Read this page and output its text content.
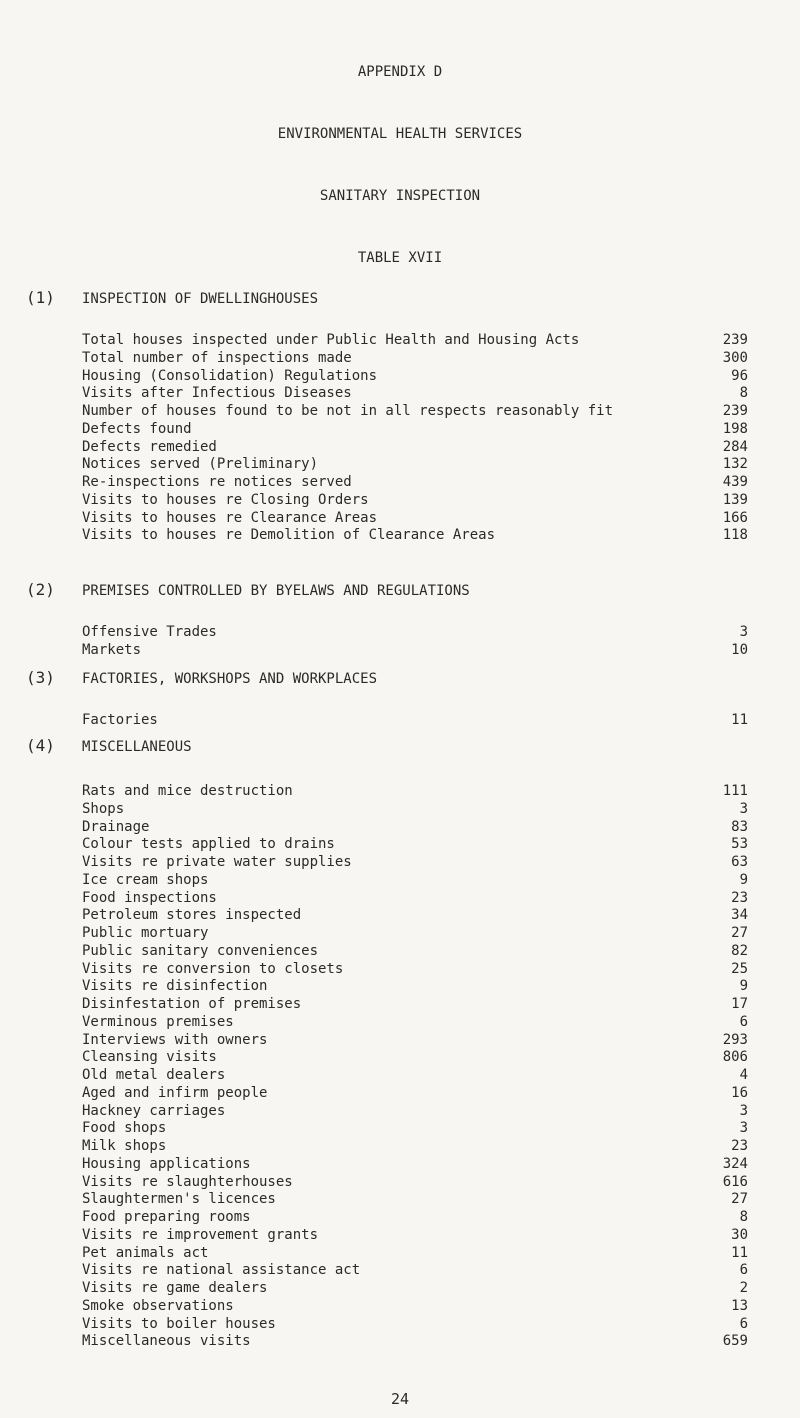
APPENDIX D
ENVIRONMENTAL HEALTH SERVICES
SANITARY INSPECTION
TABLE XVII
(1) INSPECTION OF DWELLINGHOUSES
Total houses inspected under Public Health and Housing Acts	239
Total number of inspections made	300
Housing (Consolidation) Regulations	96
Visits after Infectious Diseases	8
Number of houses found to be not in all respects reasonably fit	239
Defects found	198
Defects remedied	284
Notices served (Preliminary)	132
Re-inspections re notices served	439
Visits to houses re Closing Orders	139
Visits to houses re Clearance Areas	166
Visits to houses re Demolition of Clearance Areas	118
(2) PREMISES CONTROLLED BY BYELAWS AND REGULATIONS
Offensive Trades	3
Markets	10
(3) FACTORIES, WORKSHOPS AND WORKPLACES
Factories	11
(4) MISCELLANEOUS
Rats and mice destruction	111
Shops	3
Drainage	83
Colour tests applied to drains	53
Visits re private water supplies	63
Ice cream shops	9
Food inspections	23
Petroleum stores inspected	34
Public mortuary	27
Public sanitary conveniences	82
Visits re conversion to closets	25
Visits re disinfection	9
Disinfestation of premises	17
Verminous premises	6
Interviews with owners	293
Cleansing visits	806
Old metal dealers	4
Aged and infirm people	16
Hackney carriages	3
Food shops	3
Milk shops	23
Housing applications	324
Visits re slaughterhouses	616
Slaughtermen's licences	27
Food preparing rooms	8
Visits re improvement grants	30
Pet animals act	11
Visits re national assistance act	6
Visits re game dealers	2
Smoke observations	13
Visits to boiler houses	6
Miscellaneous visits	659
24
